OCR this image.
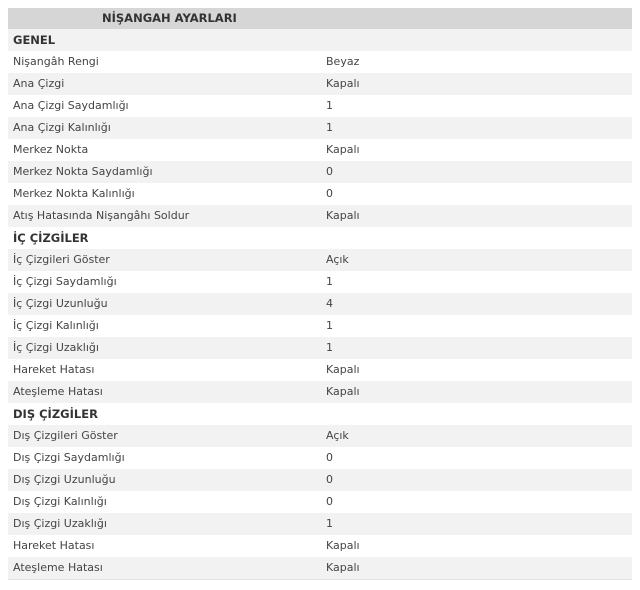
NİŞANGAH AYARLARI
GENEL
Nişangâh Rengi	Beyaz
Ana Çizgi	Kapalı
Ana Çizgi Saydamlığı	1
Ana Çizgi Kalınlığı	1
Merkez Nokta	Kapalı
Merkez Nokta Saydamlığı	0
Merkez Nokta Kalınlığı	0
Atış Hatasında Nişangâhı Soldur	Kapalı
İÇ ÇİZGİLER
İç Çizgileri Göster	Açık
İç Çizgi Saydamlığı	1
İç Çizgi Uzunluğu	4
İç Çizgi Kalınlığı	1
İç Çizgi Uzaklığı	1
Hareket Hatası	Kapalı
Ateşleme Hatası	Kapalı
DIŞ ÇİZGİLER
Dış Çizgileri Göster	Açık
Dış Çizgi Saydamlığı	0
Dış Çizgi Uzunluğu	0
Dış Çizgi Kalınlığı	0
Dış Çizgi Uzaklığı	1
Hareket Hatası	Kapalı
Ateşleme Hatası	Kapalı
